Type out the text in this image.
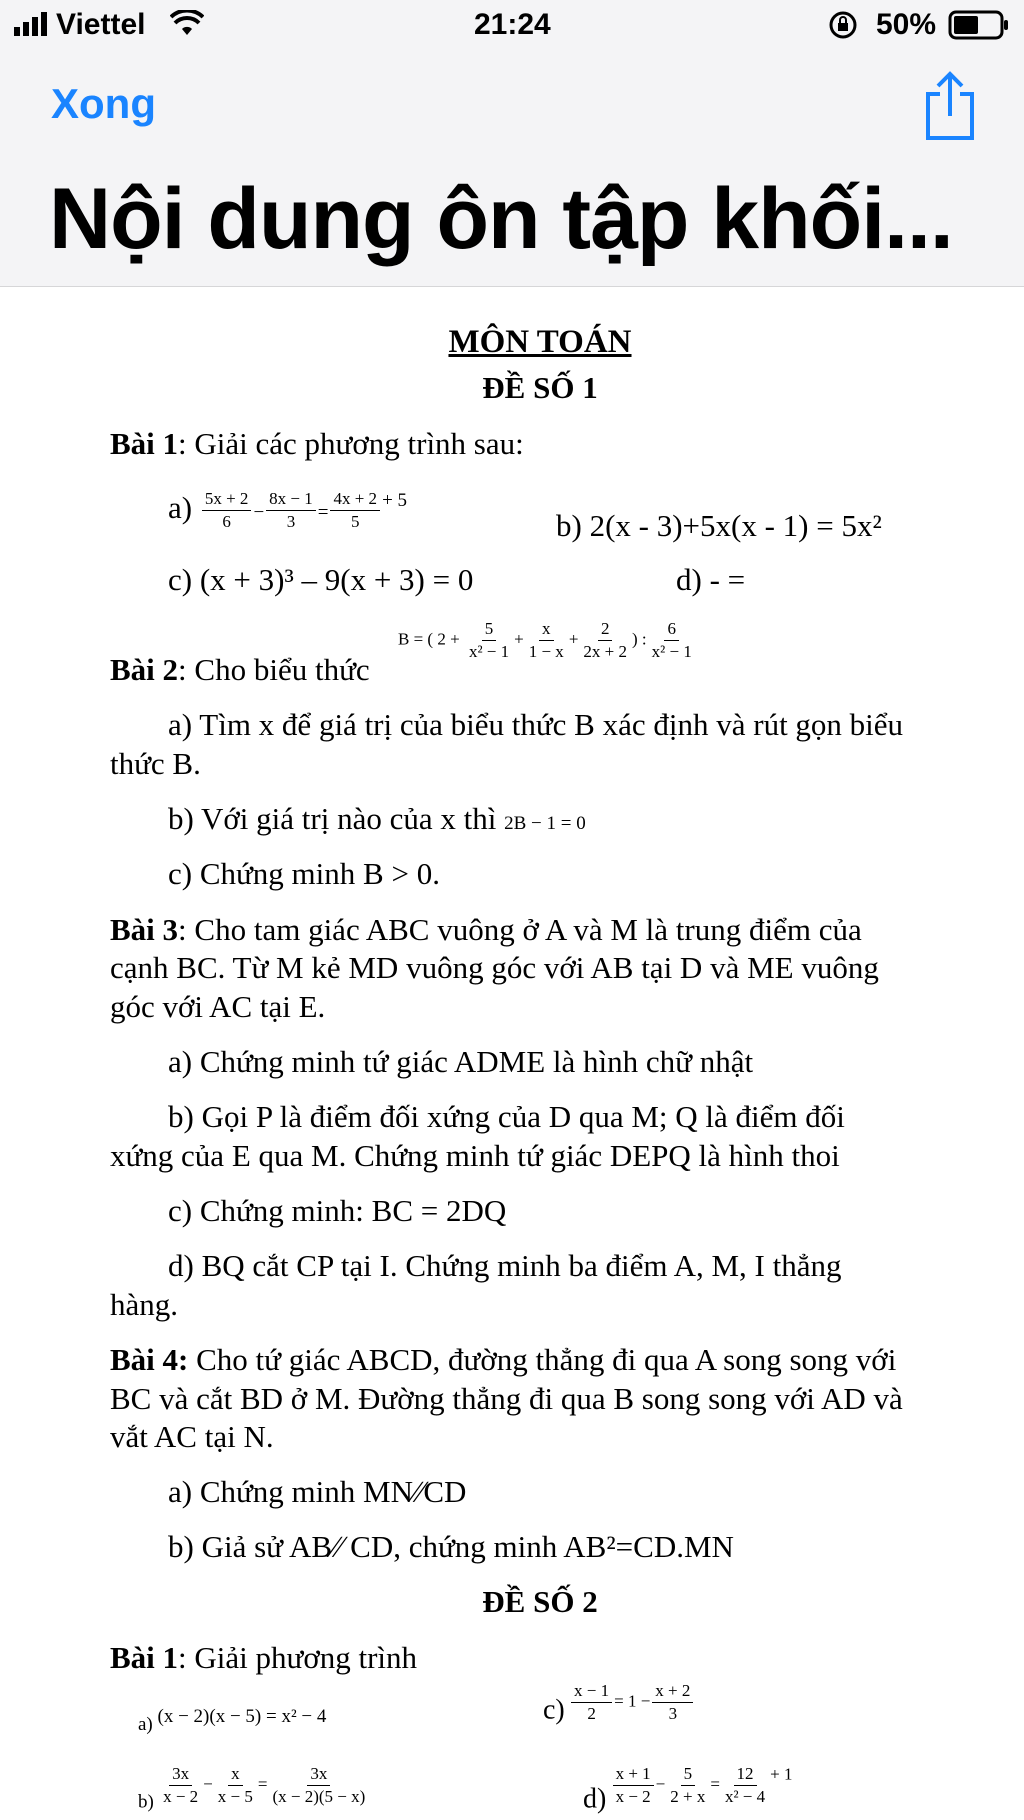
Viettel	21:24	50%
Xong
Nội dung ôn tập khối...
MÔN TOÁN
ĐỀ SỐ 1
Bài 1: Giải các phương trình sau:
$a) \frac{5x + 2}{6} - \frac{8x - 1}{3} = \frac{4x + 2}{5} ^{+ 5}$
b) 2(x - 3)+5x(x - 1) = 5x²
c) (x + 3)³ – 9(x + 3) = 0	d) - =
Bài 2: Cho biểu thức
B = ( $2 + \frac{5}{\text{x² − 1}} + \frac{x}{1 - x} + \frac{2}{2x + 2}$ ) : $\frac{6}{\text{x² − 1}}$
a) Tìm x để giá trị của biểu thức B xác định và rút gọn biểu
thức B.
b) Với giá trị nào của x thì 2B − 1 = 0
c) Chứng minh B > 0.
Bài 3: Cho tam giác ABC vuông ở A và M là trung điểm của
cạnh BC. Từ M kẻ MD vuông góc với AB tại D và ME vuông
góc với AC tại E.
a) Chứng minh tứ giác ADME là hình chữ nhật
b) Gọi P là điểm đối xứng của D qua M; Q là điểm đối
xứng của E qua M. Chứng minh tứ giác DEPQ là hình thoi
c) Chứng minh: BC = 2DQ
d) BQ cắt CP tại I. Chứng minh ba điểm A, M, I thẳng
hàng.
Bài 4: Cho tứ giác ABCD, đường thẳng đi qua A song song với
BC và cắt BD ở M. Đường thẳng đi qua B song song với AD và
vắt AC tại N.
a) Chứng minh MN∕∕CD
b) Giả sử AB∕∕ CD, chứng minh AB²=CD.MN
ĐỀ SỐ 2
Bài 1: Giải phương trình
a) (x − 2)(x − 5) = x² − 4	$c) \frac{x - 1}{2} = 1 - \frac{x + 2}{3}$
$b) \frac{3x}{x - 2} - \frac{x}{x - 5} = \frac{3x}{(x - 2)(5 - x)}$	$d) \frac{x + 1}{x - 2} - \frac{5}{2 + x} = \frac{12}{\text{x² − 4}} + 1$
